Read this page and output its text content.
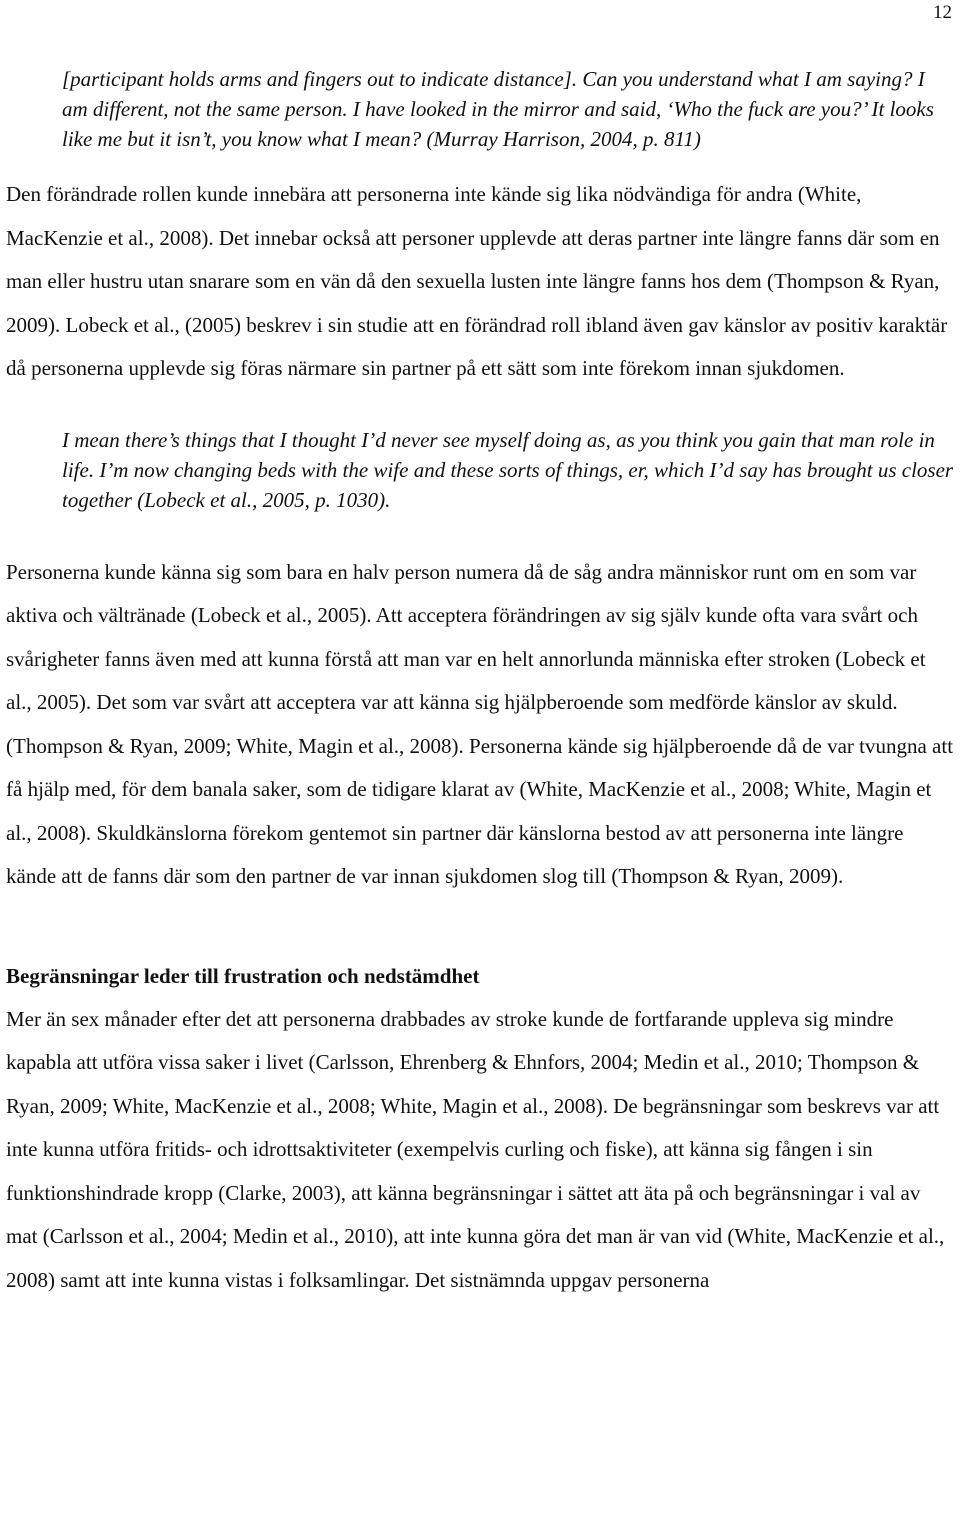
12

[participant holds arms and fingers out to indicate distance]. Can you understand what I am saying? I am different, not the same person. I have looked in the mirror and said, ‘Who the fuck are you?’ It looks like me but it isn’t, you know what I mean? (Murray Harrison, 2004, p. 811)

Den förändrade rollen kunde innebära att personerna inte kände sig lika nödvändiga för andra (White, MacKenzie et al., 2008). Det innebar också att personer upplevde att deras partner inte längre fanns där som en man eller hustru utan snarare som en vän då den sexuella lusten inte längre fanns hos dem (Thompson & Ryan, 2009). Lobeck et al., (2005) beskrev i sin studie att en förändrad roll ibland även gav känslor av positiv karaktär då personerna upplevde sig föras närmare sin partner på ett sätt som inte förekom innan sjukdomen.

I mean there’s things that I thought I’d never see myself doing as, as you think you gain that man role in life. I’m now changing beds with the wife and these sorts of things, er, which I’d say has brought us closer together (Lobeck et al., 2005, p. 1030).

Personerna kunde känna sig som bara en halv person numera då de såg andra människor runt om en som var aktiva och vältränade (Lobeck et al., 2005). Att acceptera förändringen av sig själv kunde ofta vara svårt och svårigheter fanns även med att kunna förstå att man var en helt annorlunda människa efter stroken (Lobeck et al., 2005). Det som var svårt att acceptera var att känna sig hjälpberoende som medförde känslor av skuld. (Thompson & Ryan, 2009; White, Magin et al., 2008). Personerna kände sig hjälpberoende då de var tvungna att få hjälp med, för dem banala saker, som de tidigare klarat av (White, MacKenzie et al., 2008; White, Magin et al., 2008). Skuldkänslorna förekom gentemot sin partner där känslorna bestod av att personerna inte längre kände att de fanns där som den partner de var innan sjukdomen slog till (Thompson & Ryan, 2009).

Begränsningar leder till frustration och nedstämdhet

Mer än sex månader efter det att personerna drabbades av stroke kunde de fortfarande uppleva sig mindre kapabla att utföra vissa saker i livet (Carlsson, Ehrenberg & Ehnfors, 2004; Medin et al., 2010; Thompson & Ryan, 2009; White, MacKenzie et al., 2008; White, Magin et al., 2008). De begränsningar som beskrevs var att inte kunna utföra fritids- och idrottsaktiviteter (exempelvis curling och fiske), att känna sig fången i sin funktionshindrade kropp (Clarke, 2003), att känna begränsningar i sättet att äta på och begränsningar i val av mat (Carlsson et al., 2004; Medin et al., 2010), att inte kunna göra det man är van vid (White, MacKenzie et al., 2008) samt att inte kunna vistas i folksamlingar. Det sistnämnda uppgav personerna
